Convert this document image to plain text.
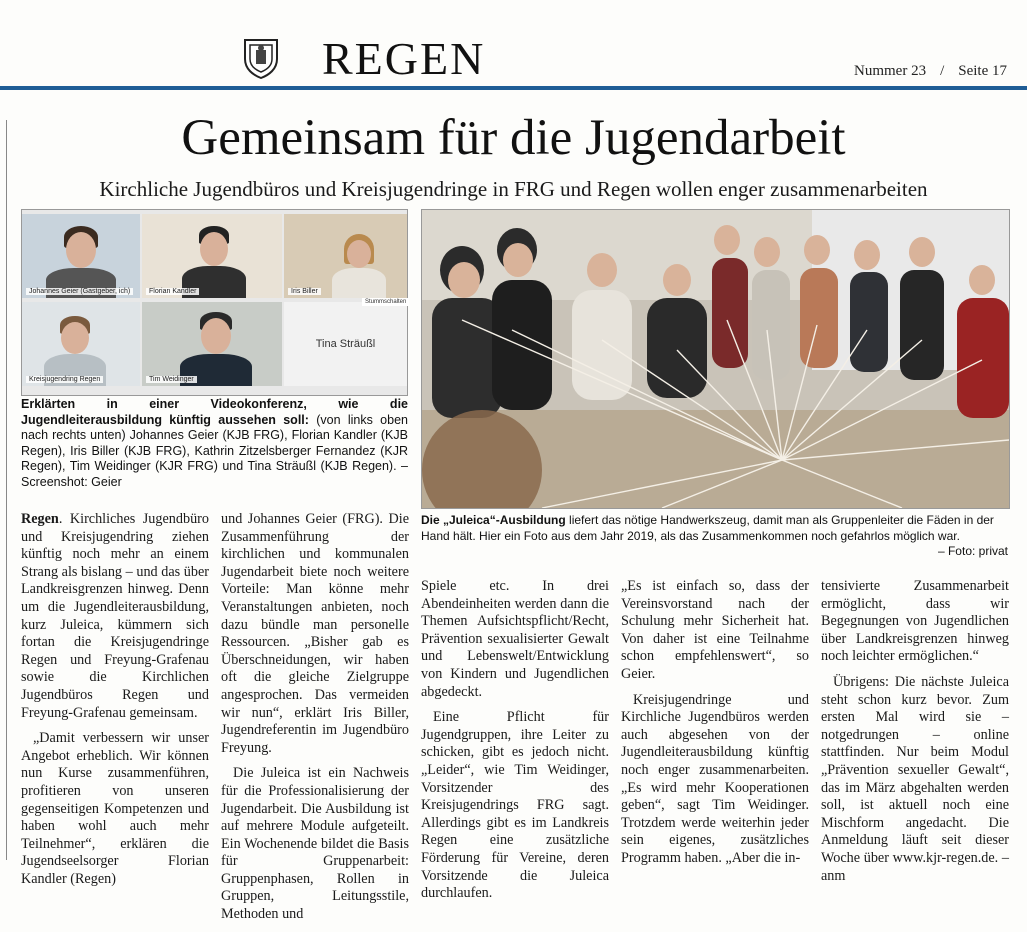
REGEN	Nummer 23 / Seite 17
Gemeinsam für die Jugendarbeit
Kirchliche Jugendbüros und Kreisjugendringe in FRG und Regen wollen enger zusammenarbeiten
Johannes Geier (Gastgeber, ich)	Florian Kandler	Iris Biller
Kreisjugendring Regen	Tim Weidinger
Tina Sträußl
Stummschalten
Erklärten in einer Videokonferenz, wie die Jugendleiterausbildung künftig aussehen soll: (von links oben nach rechts unten) Johannes Geier (KJB FRG), Florian Kandler (KJB Regen), Iris Biller (KJB FRG), Kathrin Zitzelsberger Fernandez (KJR Regen), Tim Weidinger (KJR FRG) und Tina Sträußl (KJB Regen). – Screenshot: Geier
Die „Juleica“-Ausbildung liefert das nötige Handwerkszeug, damit man als Gruppenleiter die Fäden in der Hand hält. Hier ein Foto aus dem Jahr 2019, als das Zusammenkommen noch gefahrlos möglich war.
– Foto: privat

Regen. Kirchliches Jugendbüro und Kreisjugendring ziehen künftig noch mehr an einem Strang als bislang – und das über Landkreisgrenzen hinweg. Denn um die Jugendleiterausbildung, kurz Juleica, kümmern sich fortan die Kreisjugendringe Regen und Freyung-Grafenau sowie die Kirchlichen Jugendbüros Regen und Freyung-Grafenau gemeinsam.

„Damit verbessern wir unser Angebot erheblich. Wir können nun Kurse zusammenführen, profitieren von unseren gegenseitigen Kompetenzen und haben wohl auch mehr Teilnehmer“, erklären die Jugendseelsorger Florian Kandler (Regen)

und Johannes Geier (FRG). Die Zusammenführung der kirchlichen und kommunalen Jugendarbeit biete noch weitere Vorteile: Man könne mehr Veranstaltungen anbieten, noch dazu bündle man personelle Ressourcen. „Bisher gab es Überschneidungen, wir haben oft die gleiche Zielgruppe angesprochen. Das vermeiden wir nun“, erklärt Iris Biller, Jugendreferentin im Jugendbüro Freyung.

Die Juleica ist ein Nachweis für die Professionalisierung der Jugendarbeit. Die Ausbildung ist auf mehrere Module aufgeteilt. Ein Wochenende bildet die Basis für Gruppenarbeit: Gruppenphasen, Rollen in Gruppen, Leitungsstile, Methoden und

Spiele etc. In drei Abendeinheiten werden dann die Themen Aufsichtspflicht/Recht, Prävention sexualisierter Gewalt und Lebenswelt/Entwicklung von Kindern und Jugendlichen abgedeckt.

Eine Pflicht für Jugendgruppen, ihre Leiter zu schicken, gibt es jedoch nicht. „Leider“, wie Tim Weidinger, Vorsitzender des Kreisjugendrings FRG sagt. Allerdings gibt es im Landkreis Regen eine zusätzliche Förderung für Vereine, deren Vorsitzende die Juleica durchlaufen.

„Es ist einfach so, dass der Vereinsvorstand nach der Schulung mehr Sicherheit hat. Von daher ist eine Teilnahme schon empfehlenswert“, so Geier.

Kreisjugendringe und Kirchliche Jugendbüros werden auch abgesehen von der Jugendleiterausbildung künftig noch enger zusammenarbeiten. „Es wird mehr Kooperationen geben“, sagt Tim Weidinger. Trotzdem werde weiterhin jeder sein eigenes, zusätzliches Programm haben. „Aber die in-

tensivierte Zusammenarbeit ermöglicht, dass wir Begegnungen von Jugendlichen über Landkreisgrenzen hinweg noch leichter ermöglichen.“

Übrigens: Die nächste Juleica steht schon kurz bevor. Zum ersten Mal wird sie – notgedrungen – online stattfinden. Nur beim Modul „Prävention sexueller Gewalt“, das im März abgehalten werden soll, ist aktuell noch eine Mischform angedacht. Die Anmeldung läuft seit dieser Woche über www.kjr-regen.de. – anm
